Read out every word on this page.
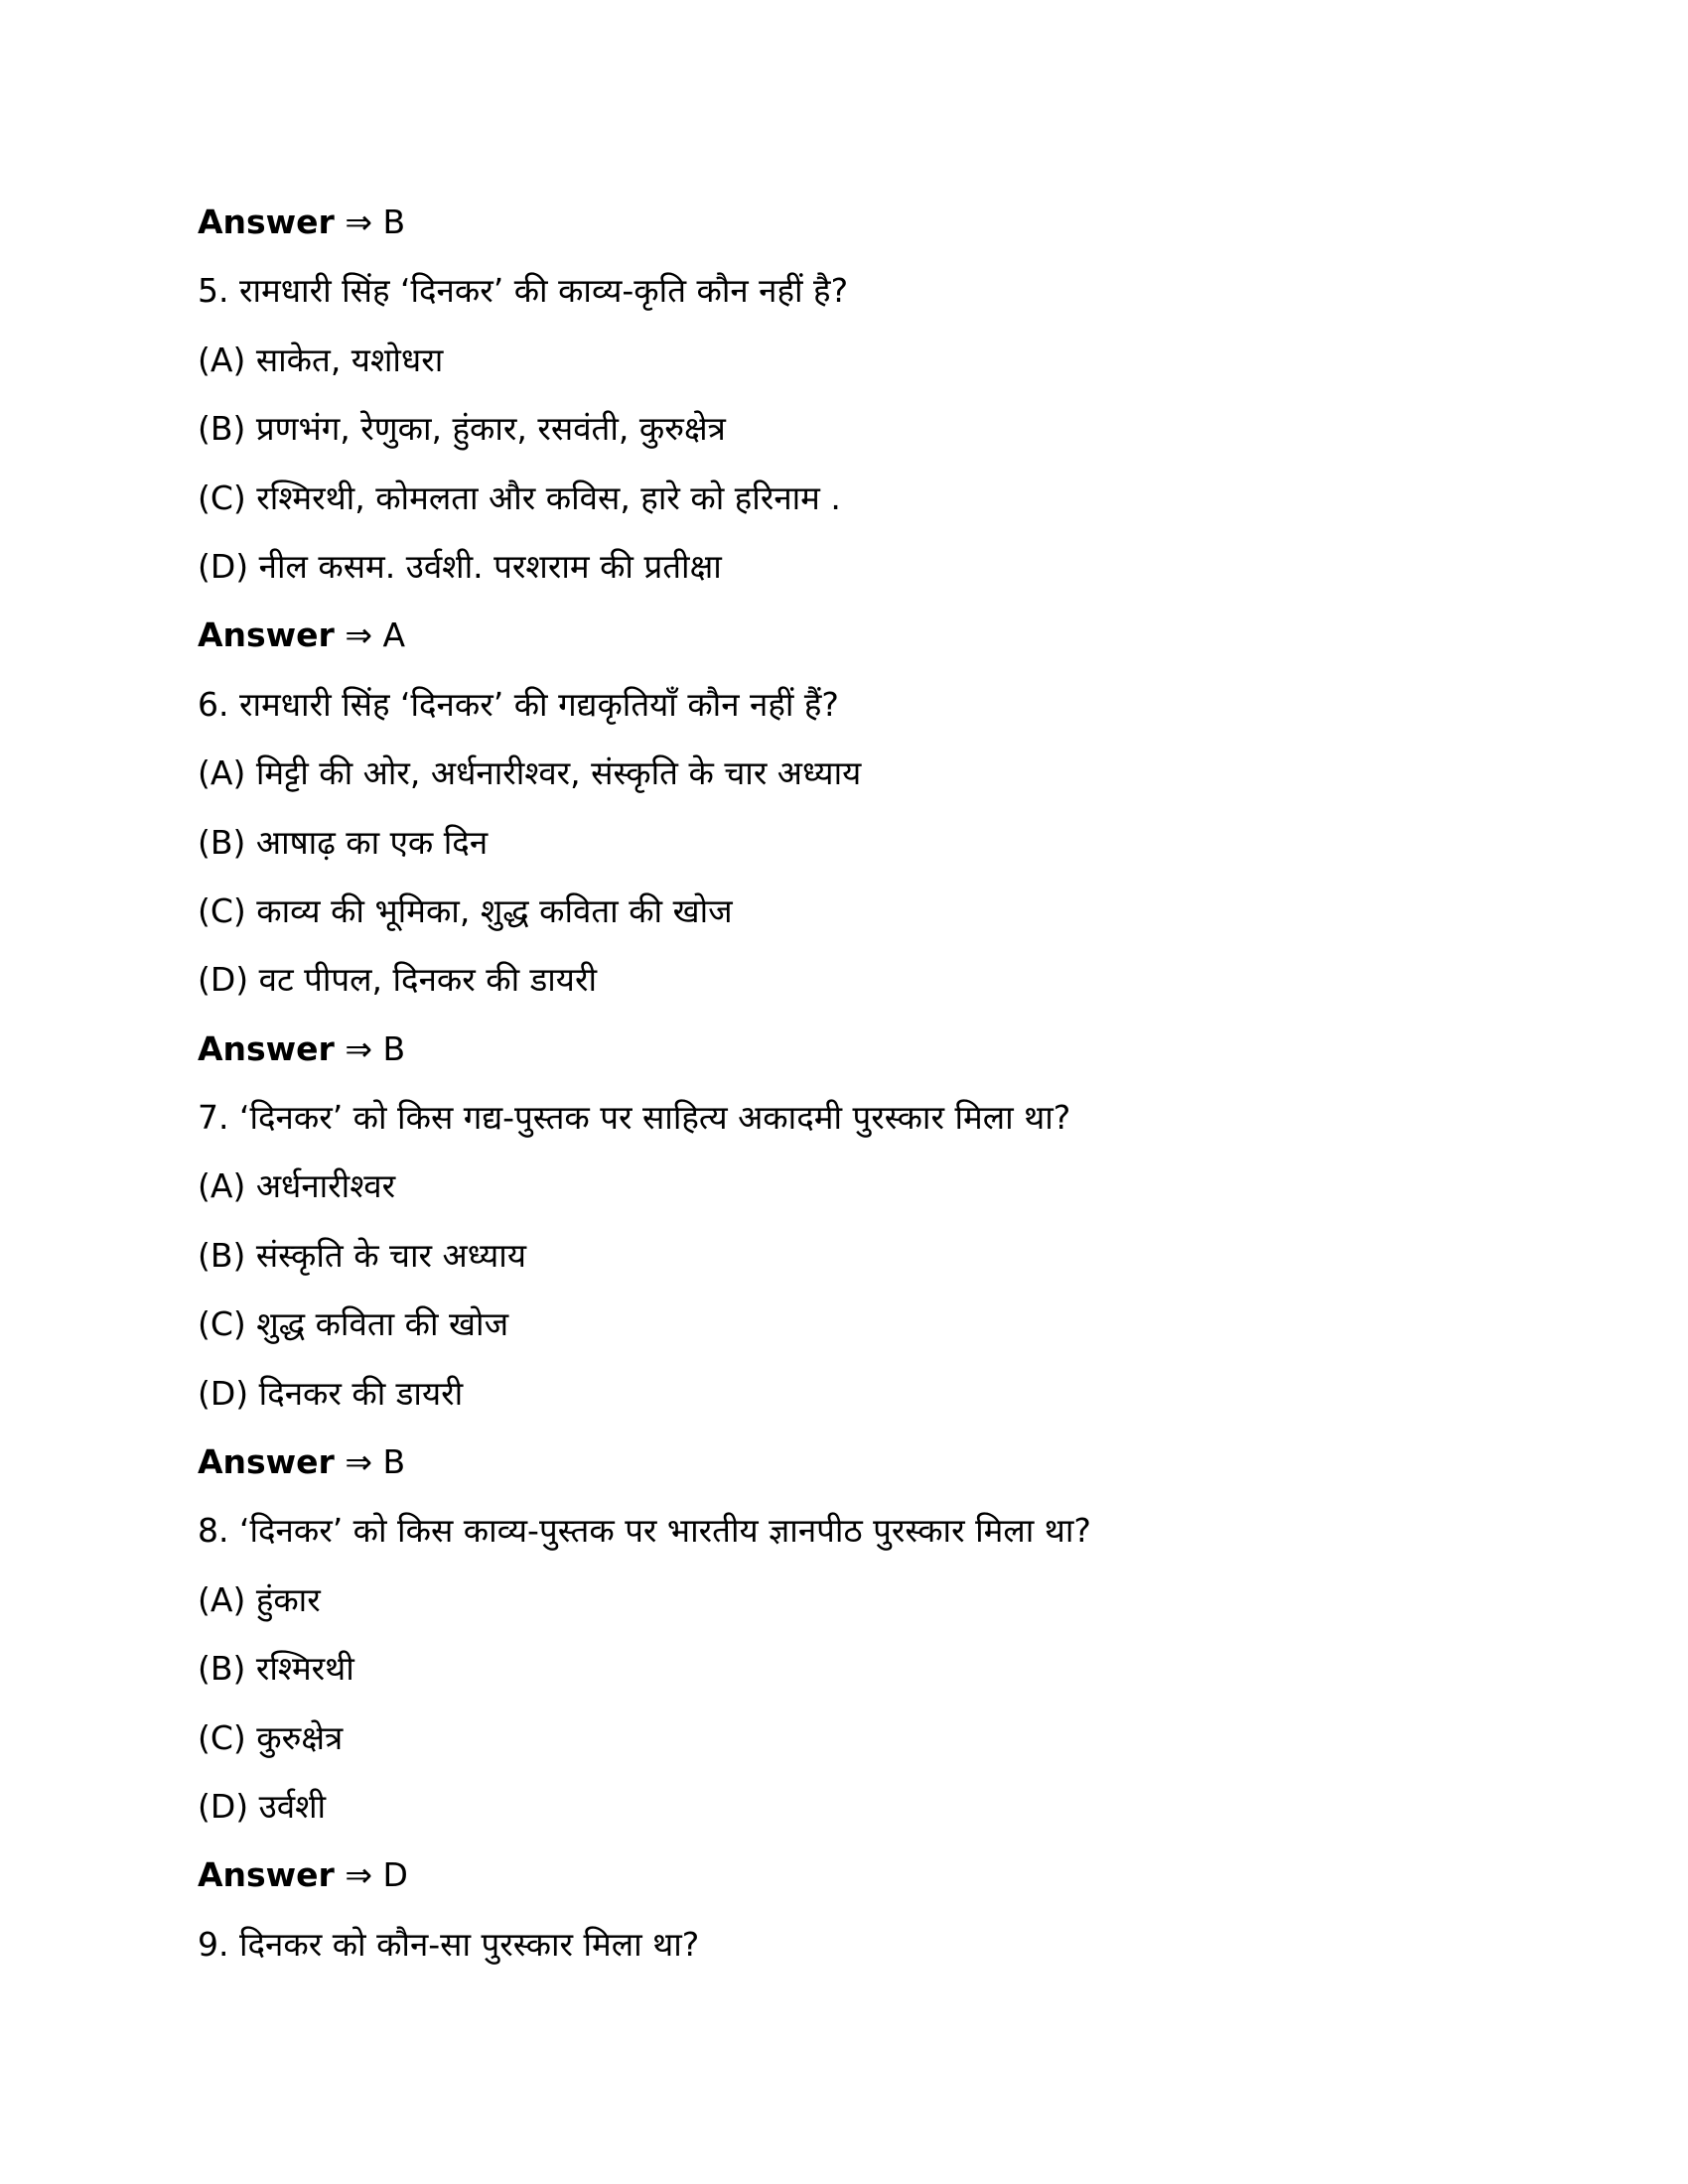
Answer ⇒ B
5. रामधारी सिंह ‘दिनकर’ की काव्य-कृति कौन नहीं है?
(A) साकेत, यशोधरा
(B) प्रणभंग, रेणुका, हुंकार, रसवंती, कुरुक्षेत्र
(C) रश्मिरथी, कोमलता और कविस, हारे को हरिनाम .
(D) नील कसम. उर्वशी. परशराम की प्रतीक्षा
Answer ⇒ A
6. रामधारी सिंह ‘दिनकर’ की गद्यकृतियाँ कौन नहीं हैं?
(A) मिट्टी की ओर, अर्धनारीश्वर, संस्कृति के चार अध्याय
(B) आषाढ़ का एक दिन
(C) काव्य की भूमिका, शुद्ध कविता की खोज
(D) वट पीपल, दिनकर की डायरी
Answer ⇒ B
7. ‘दिनकर’ को किस गद्य-पुस्तक पर साहित्य अकादमी पुरस्कार मिला था?
(A) अर्धनारीश्वर
(B) संस्कृति के चार अध्याय
(C) शुद्ध कविता की खोज
(D) दिनकर की डायरी
Answer ⇒ B
8. ‘दिनकर’ को किस काव्य-पुस्तक पर भारतीय ज्ञानपीठ पुरस्कार मिला था?
(A) हुंकार
(B) रश्मिरथी
(C) कुरुक्षेत्र
(D) उर्वशी
Answer ⇒ D
9. दिनकर को कौन-सा पुरस्कार मिला था?
